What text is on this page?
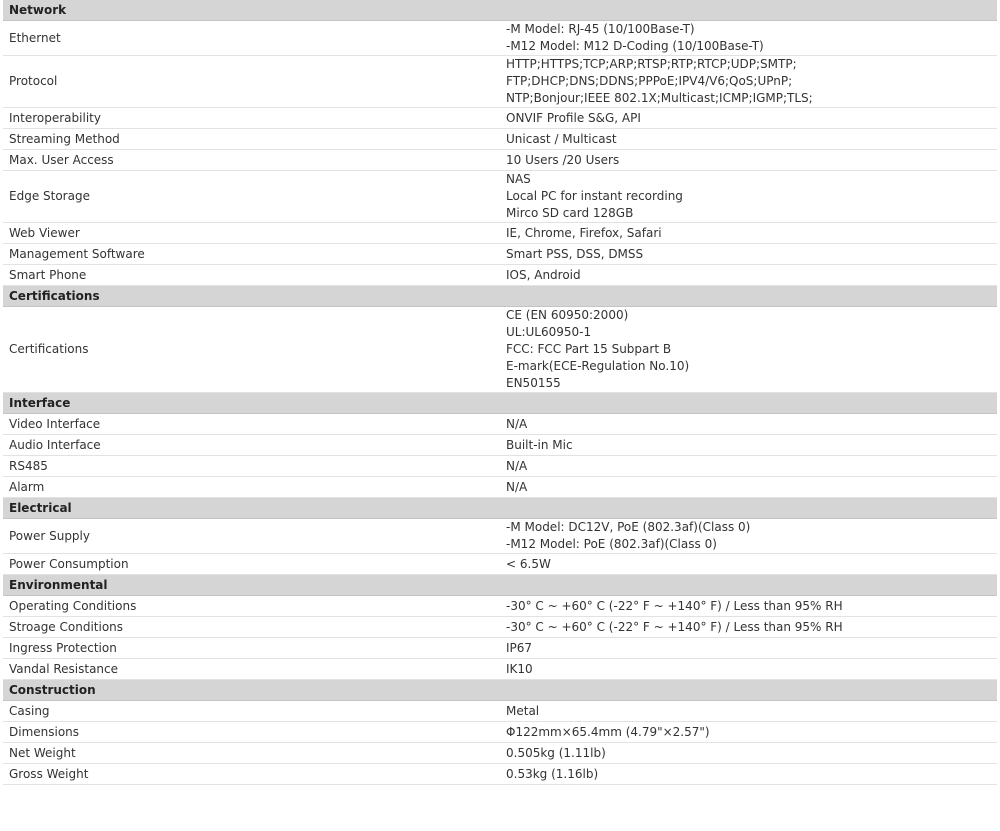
Network	
Ethernet	-M Model: RJ-45 (10/100Base-T)
-M12 Model: M12 D-Coding (10/100Base-T)

Protocol	HTTP;HTTPS;TCP;ARP;RTSP;RTP;RTCP;UDP;SMTP;
FTP;DHCP;DNS;DDNS;PPPoE;IPV4/V6;QoS;UPnP;
NTP;Bonjour;IEEE 802.1X;Multicast;ICMP;IGMP;TLS;

Interoperability	ONVIF Profile S&G, API

Streaming Method	Unicast / Multicast

Max. User Access	10 Users /20 Users

Edge Storage	NAS
Local PC for instant recording
Mirco SD card 128GB

Web Viewer	IE, Chrome, Firefox, Safari

Management Software	Smart PSS, DSS, DMSS

Smart Phone	IOS, Android

Certifications	
Certifications	CE (EN 60950:2000)
UL:UL60950-1
FCC: FCC Part 15 Subpart B
E-mark(ECE-Regulation No.10)
EN50155

Interface	
Video Interface	N/A

Audio Interface	Built-in Mic

RS485	N/A

Alarm	N/A

Electrical	
Power Supply	-M Model: DC12V, PoE (802.3af)(Class 0)
-M12 Model: PoE (802.3af)(Class 0)

Power Consumption	< 6.5W

Environmental	
Operating Conditions	-30° C ~ +60° C (-22° F ~ +140° F) / Less than 95% RH

Stroage Conditions	-30° C ~ +60° C (-22° F ~ +140° F) / Less than 95% RH

Ingress Protection	IP67

Vandal Resistance	IK10

Construction	
Casing	Metal

Dimensions	Φ122mm×65.4mm (4.79"×2.57")

Net Weight	0.505kg (1.11lb)

Gross Weight	0.53kg (1.16lb)
